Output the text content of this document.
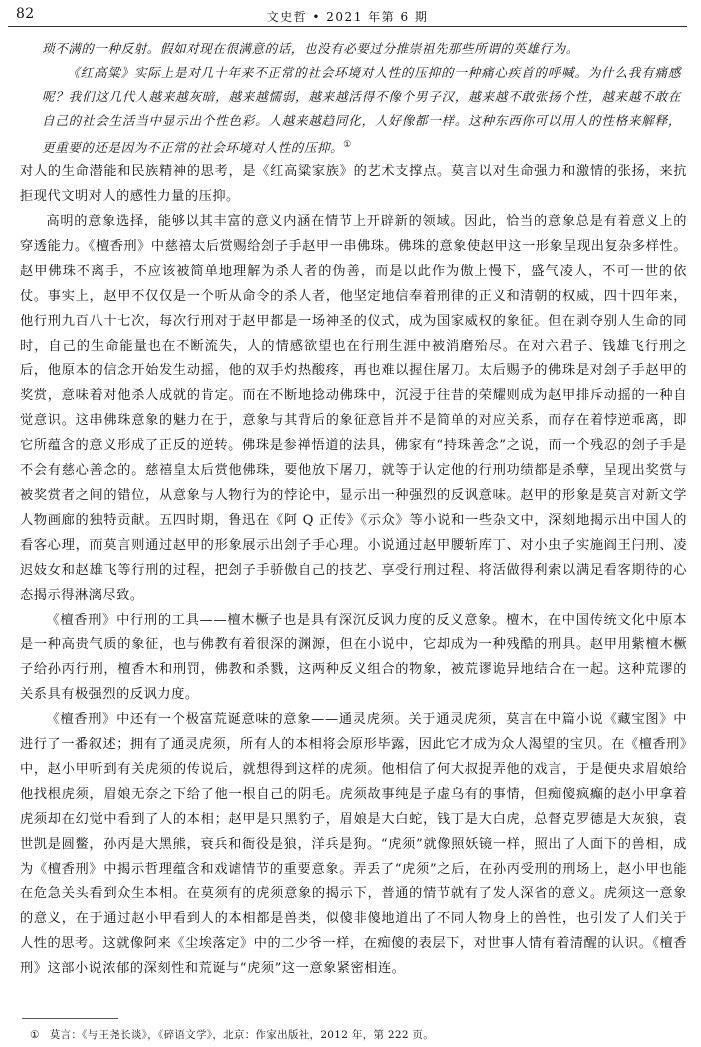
82	文史哲 • 2021 年第 6 期

琐不满的一种反射。假如对现在很满意的话，也没有必要过分推崇祖先那些所谓的英雄行为。

《红高粱》实际上是对几十年来不正常的社会环境对人性的压抑的一种痛心疾首的呼喊。为什么我有痛感呢？我们这几代人越来越灰暗，越来越懦弱，越来越活得不像个男子汉，越来越不敢张扬个性，越来越不敢在自己的社会生活当中显示出个性色彩。人越来越趋同化，人好像都一样。这种东西你可以用人的性格来解释，更重要的还是因为不正常的社会环境对人性的压抑。①

对人的生命潜能和民族精神的思考，是《红高粱家族》的艺术支撑点。莫言以对生命强力和激情的张扬，来抗拒现代文明对人的感性力量的压抑。

高明的意象选择，能够以其丰富的意义内涵在情节上开辟新的领域。因此，恰当的意象总是有着意义上的穿透能力。《檀香刑》中慈禧太后赏赐给刽子手赵甲一串佛珠。佛珠的意象使赵甲这一形象呈现出复杂多样性。赵甲佛珠不离手，不应该被简单地理解为杀人者的伪善，而是以此作为傲上慢下，盛气凌人，不可一世的依仗。事实上，赵甲不仅仅是一个听从命令的杀人者，他坚定地信奉着刑律的正义和清朝的权威，四十四年来，他行刑九百八十七次，每次行刑对于赵甲都是一场神圣的仪式，成为国家威权的象征。但在剥夺别人生命的同时，自己的生命能量也在不断流失，人的情感欲望也在行刑生涯中被消磨殆尽。在对六君子、钱雄飞行刑之后，他原本的信念开始发生动摇，他的双手灼热酸疼，再也难以握住屠刀。太后赐予的佛珠是对刽子手赵甲的奖赏，意味着对他杀人成就的肯定。而在不断地捻动佛珠中，沉浸于往昔的荣耀则成为赵甲排斥动摇的一种自觉意识。这串佛珠意象的魅力在于，意象与其背后的象征意旨并不是简单的对应关系，而存在着悖逆乖离，即它所蕴含的意义形成了正反的逆转。佛珠是参禅悟道的法具，佛家有“持珠善念”之说，而一个残忍的刽子手是不会有慈心善念的。慈禧皇太后赏他佛珠，要他放下屠刀，就等于认定他的行刑功绩都是杀孽，呈现出奖赏与被奖赏者之间的错位，从意象与人物行为的悖论中，显示出一种强烈的反讽意味。赵甲的形象是莫言对新文学人物画廊的独特贡献。五四时期，鲁迅在《阿 Q 正传》《示众》等小说和一些杂文中，深刻地揭示出中国人的看客心理，而莫言则通过赵甲的形象展示出刽子手心理。小说通过赵甲腰斩库丁、对小虫子实施阎王闩刑、凌迟妓女和赵雄飞等行刑的过程，把刽子手骄傲自己的技艺、享受行刑过程、将活做得利索以满足看客期待的心态揭示得淋漓尽致。

《檀香刑》中行刑的工具——檀木橛子也是具有深沉反讽力度的反义意象。檀木，在中国传统文化中原本是一种高贵气质的象征，也与佛教有着很深的渊源，但在小说中，它却成为一种残酷的刑具。赵甲用紫檀木橛子给孙丙行刑，檀香木和刑罚，佛教和杀戮，这两种反义组合的物象，被荒谬诡异地结合在一起。这种荒谬的关系具有极强烈的反讽力度。

《檀香刑》中还有一个极富荒诞意味的意象——通灵虎须。关于通灵虎须，莫言在中篇小说《藏宝图》中进行了一番叙述；拥有了通灵虎须，所有人的本相将会原形毕露，因此它才成为众人渴望的宝贝。在《檀香刑》中，赵小甲听到有关虎须的传说后，就想得到这样的虎须。他相信了何大叔捉弄他的戏言，于是便央求眉娘给他找根虎须，眉娘无奈之下给了他一根自己的阴毛。虎须故事纯是子虚乌有的事情，但痴傻疯癫的赵小甲拿着虎须却在幻觉中看到了人的本相；赵甲是只黑豹子，眉娘是大白蛇，钱丁是大白虎，总督克罗德是大灰狼，袁世凯是圆鳖，孙丙是大黑熊，衰兵和衙役是狼，洋兵是狗。“虎须”就像照妖镜一样，照出了人面下的兽相，成为《檀香刑》中揭示哲理蕴含和戏谑情节的重要意象。弄丢了“虎须”之后，在孙丙受刑的刑场上，赵小甲也能在危急关头看到众生本相。在莫须有的虎须意象的揭示下，普通的情节就有了发人深省的意义。虎须这一意象的意义，在于通过赵小甲看到人的本相都是兽类，似傻非傻地道出了不同人物身上的兽性，也引发了人们关于人性的思考。这就像阿来《尘埃落定》中的二少爷一样，在痴傻的表层下，对世事人情有着清醒的认识。《檀香刑》这部小说浓郁的深刻性和荒诞与“虎须”这一意象紧密相连。

① 莫言：《与王尧长谈》，《碎语文学》，北京：作家出版社，2012 年，第 222 页。
